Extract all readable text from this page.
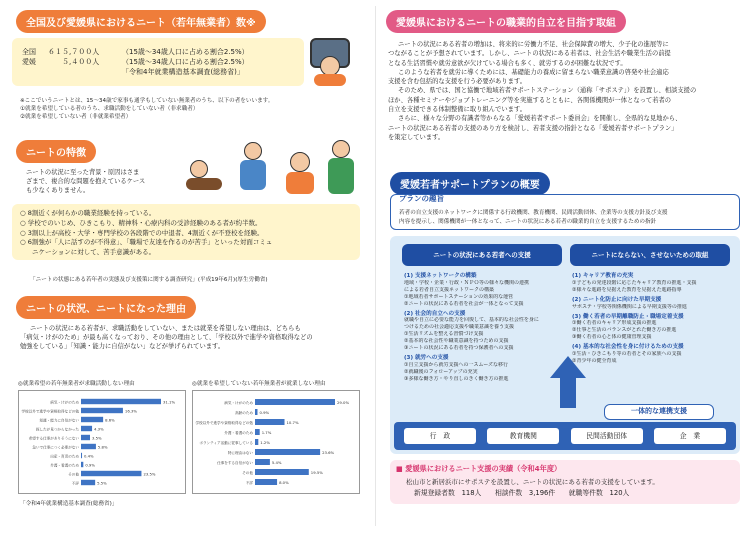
全国及び愛媛県におけるニート（若年無業者）数※
全国 ６１５,７００人	（15歳～34歳人口に占める割合2.5%）
愛媛	５,４００人	（15歳～34歳人口に占める割合2.5%）
「令和4年就業構造基本調査(総務省)」
※ここでいうニートとは、15～34歳で家事も通学もしていない無業者のうち、以下の者をいいます。
①就業を希望している者のうち、求職活動をしていない者（非求職者）
②就業を希望していない者（非就業希望者）
ニートの特徴
ニートの状況に至った背景・原因はさま
ざまで、複合的な問題を抱えているケース
も少なくありません。
○ 8割近くが何らかの職業経験を持っている。
○ 学校でのいじめ、ひきこもり、精神科・心療内科の受診経験のある者が約半数。
○ 3割以上が高校・大学・専門学校の各段階での中退者、4割近くが不登校を経験。
○ 6割強が「人に話すのが不得意」、「職場で友達を作るのが苦手」といった対面コミュ
ニケーションに対して、苦手意識がある。
「ニートの状態にある若年者の実態及び支援策に関する調査研究」(平成19年6月)(厚生労働省)
ニートの状況、ニートになった理由
ニートの状況にある若者が、求職活動をしていない、または就業を希望しない理由は、どちらも
「病気・けがのため」が最も高くなっており、その他の理由として、「学校以外で進学や資格取得などの
勉強をしている」「知識・能力に自信がない」などが挙げられています。
◎就業希望の若年無業者が求職活動しない理由	◎就業を希望していない若年無業者が就業しない理由
病気・けがのため	31.1%
学校以外で進学や資格取得などの勉	16.3%
知識・能力に自信がない	8.6%
探したが見つからなかった	4.3%
希望する仕事がありそうにない	3.5%
急いで仕事につく必要がない	5.8%
出産・育児のため 0.4%
介護・看護のため 0.9%
その他	23.5%
不詳	5.5%
病気・けがのため	29.0%
高齢のため 0.9%
学校以外で進学や資格取得などの勉	10.7%
介護・看護のため 1.7%
ボランティア活動に従事している 1.2%
特に理由はない	23.6%
仕事をする自信がない	5.4%
その他	19.5%
不詳	8.0%
「令和4年就業構造基本調査(総務省)」
愛媛県におけるニートの職業的自立を目指す取組
ニートの状況にある若者の増加は、将来的に労働力不足、社会保障費の増大、少子化の進展等に
つながることが予想されています。しかし、ニートの状況にある若者は、社会生活や職業生活の前提
となる生活習慣や就労意欲が欠けている場合も多く、就労するのが困難な状況です。
このような若者を就労に導くためには、基礎能力の養成に留まらない職業意識の啓発や社会適応
支援を含む包括的な支援を行う必要があります。
そのため、県では、国と協働で地域若者サポートステーション（通称「サポステ」）を設置し、相談支援の
ほか、各種セミナーやジョブトレーニング等を実施するとともに、各関係機関が一体となって若者の
自立を支援できる体制整備に取り組んでいます。
さらに、様々な分野の有識者等からなる「愛媛若者サポート委員会」を開催し、全県的な見地から、
ニートの状況にある若者の支援のあり方を検討し、若者支援の指針となる「愛媛若者サポートプラン」
を策定しています。
愛媛若者サポートプランの概要
プランの趣旨
若者の自立支援のネットワークに関係する行政機関、教育機関、民間活動団体、企業等の支援方針及び支援
内容を提示し、関係機関が一体となって、ニートの状況にある若者の職業的自立を支援するための指針
ニートの状況にある若者への支援	ニートにならない、させないための取組
(1) 支援ネットワークの構築
地域・学校・企業・行政・ＮＰＯ等の様々な機関の連携
による若者自立支援ネットワークの構築
①地域若者サポートステーションの効果的な運営
②ニートの状況にある若者を社会が一体となって支援
(2) 社会的自立への支援
就職や自立に必要な能力を回復して、基本的な社会性を身に
つけるための社会適応支援や職業意識を養う支援
①生活リズムを整える習慣づけ支援
②基本的な社会性や職業意識を持つための支援
③ニートの状況にある若者を持つ保護者への支援
(3) 就労への支援
①自立支援から就労支援への一スムーズな移行
②就職後のフォローアップの充実
③多様な働き方・やり直しのきく働き方の推進
(1) キャリア教育の充実
①子どもの発達段階に応じたキャリア教育の推進・支援
②様々な進路を見据えた教育を見据えた進路指導
(2) ニート化防止に向けた早期支援
サポステ・学校等関係機関による早期支援等の推進
(3) 働く若者の早期離職防止・職場定着支援
①働く若者のキャリア形成支援の推進
②仕事と生活のバランスがとれた働き方の推進
③働く若者の心と体の健康管理支援
(4) 基本的な社会性を身に付けるための支援
①生活・ひきこもり等の若者とその家族への支援
②青少年の健全育成
一体的な連携支援
行　政	教育機関	民間活動団体	企　業
■ 愛媛県におけるニート支援の実績（令和4年度）
松山市と新居浜市にサポステを設置し、ニートの状況にある若者の支援をしています。
新規登録者数　118人　　相談件数　3,196件　　就職等件数　120人
